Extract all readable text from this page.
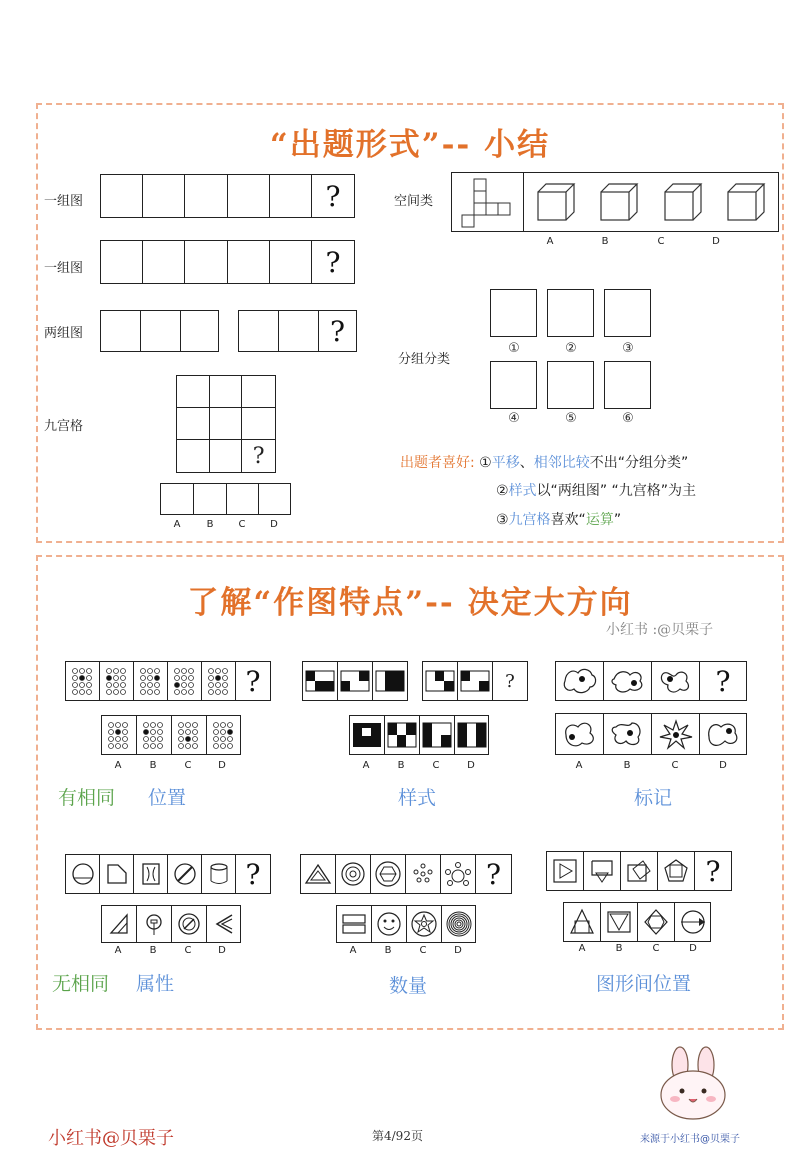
“出题形式”-- 小结
一组图	?
一组图	?
两组图	?
九宫格
?
A	B	C	D
空间类
A	B	C	D
分组分类
①	②	③
④	⑤	⑥
出题者喜好: ①平移、相邻比较不出“分组分类”
②样式以“两组图” “九宫格”为主
③九宫格喜欢“运算”
了解“作图特点”-- 决定大方向
小红书 :@贝栗子
?
A	B	C	D
?
A	B	C	D
?
A	B	C	D
有相同 位置	样式	标记
?
A	B	C	D
?
A	B	C	D
?
A	B	C	D
无相同 属性	数量	图形间位置
小红书@贝栗子	第4/92页	来源于小红书@贝栗子
